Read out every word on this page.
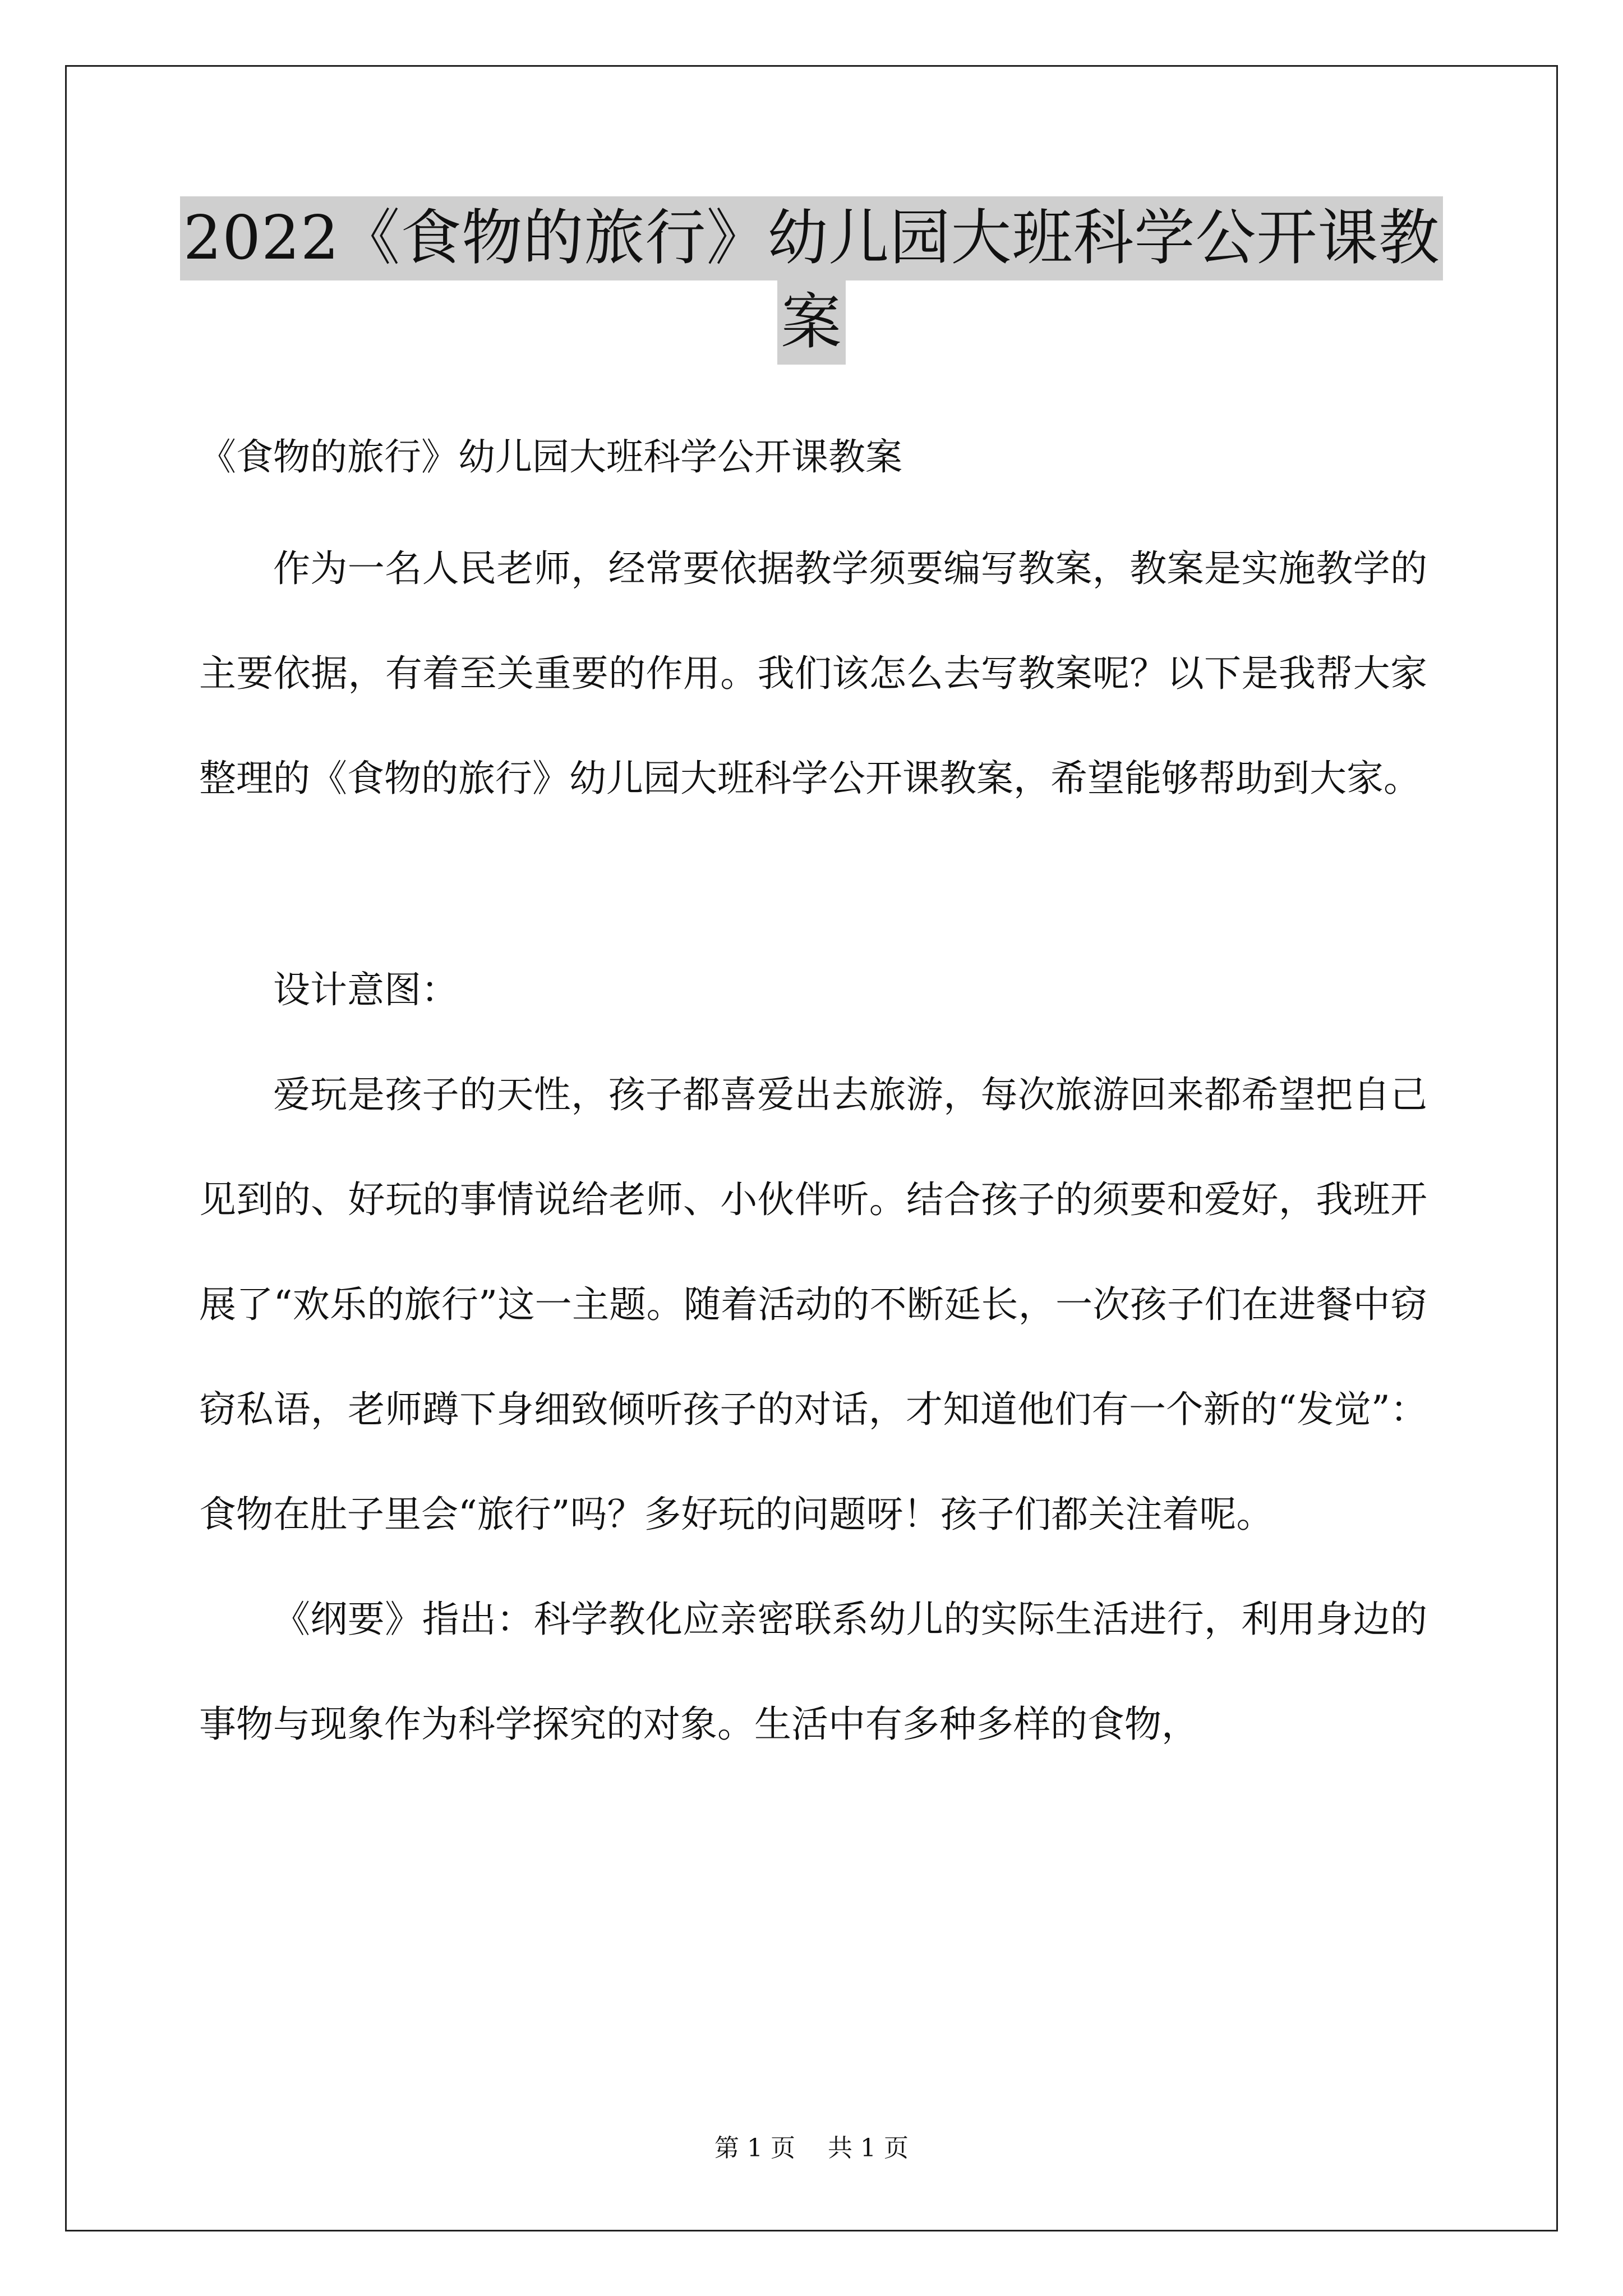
2022《食物的旅行》幼儿园大班科学公开课教
案

《食物的旅行》幼儿园大班科学公开课教案

作为一名人民老师，经常要依据教学须要编写教案，教案是实施教学的主要依据，有着至关重要的作用。我们该怎么去写教案呢？以下是我帮大家整理的《食物的旅行》幼儿园大班科学公开课教案，希望能够帮助到大家。

设计意图：

爱玩是孩子的天性，孩子都喜爱出去旅游，每次旅游回来都希望把自己见到的、好玩的事情说给老师、小伙伴听。结合孩子的须要和爱好，我班开展了“欢乐的旅行”这一主题。随着活动的不断延长，一次孩子们在进餐中窃窃私语，老师蹲下身细致倾听孩子的对话，才知道他们有一个新的“发觉”：食物在肚子里会“旅行”吗？多好玩的问题呀！孩子们都关注着呢。

《纲要》指出：科学教化应亲密联系幼儿的实际生活进行，利用身边的事物与现象作为科学探究的对象。生活中有多种多样的食物，

第 1 页　 共 1 页
